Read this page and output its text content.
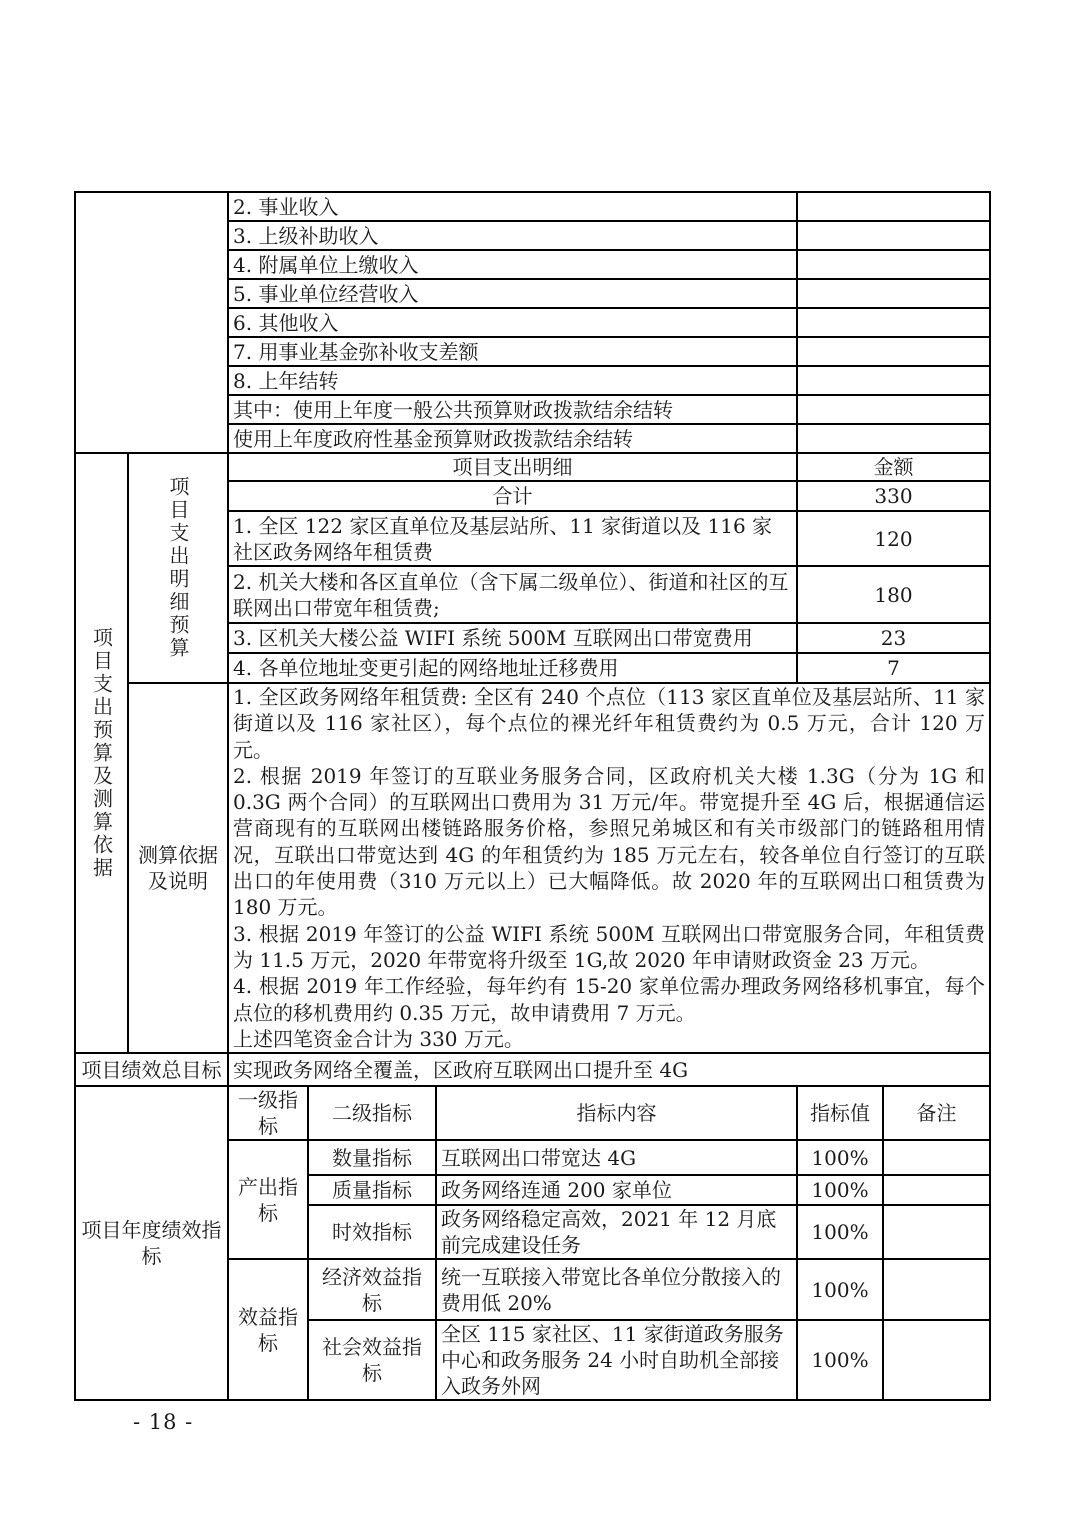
		2. 事业收入				
		3. 上级补助收入				
		4. 附属单位上缴收入				
		5. 事业单位经营收入				
		6. 其他收入				
		7. 用事业基金弥补收支差额				
		8. 上年结转				
		其中：使用上年度一般公共预算财政拨款结余结转				
		使用上年度政府性基金预算财政拨款结余结转				
项目支出预算及测算依据	项目支出明细预算	项目支出明细			金额	
		合计			330	
		1. 全区 122 家区直单位及基层站所、11 家街道以及 116 家社区政务网络年租赁费			120	
		2. 机关大楼和各区直单位（含下属二级单位）、街道和社区的互联网出口带宽年租赁费;			180	
		3. 区机关大楼公益 WIFI 系统 500M 互联网出口带宽费用			23	
		4. 各单位地址变更引起的网络地址迁移费用			7	
	测算依据及说明	1. 全区政务网络年租赁费: 全区有 240 个点位（113 家区直单位及基层站所、11 家街道以及 116 家社区），每个点位的裸光纤年租赁费约为 0.5 万元，合计 120 万元。

2. 根据 2019 年签订的互联业务服务合同，区政府机关大楼 1.3G（分为 1G 和 0.3G 两个合同）的互联网出口费用为 31 万元/年。带宽提升至 4G 后，根据通信运营商现有的互联网出楼链路服务价格，参照兄弟城区和有关市级部门的链路租用情况，互联出口带宽达到 4G 的年租赁约为 185 万元左右，较各单位自行签订的互联出口的年使用费（310 万元以上）已大幅降低。故 2020 年的互联网出口租赁费为 180 万元。

3. 根据 2019 年签订的公益 WIFI 系统 500M 互联网出口带宽服务合同，年租赁费为 11.5 万元，2020 年带宽将升级至 1G,故 2020 年申请财政资金 23 万元。

4. 根据 2019 年工作经验，每年约有 15-20 家单位需办理政务网络移机事宜，每个点位的移机费用约 0.35 万元，故申请费用 7 万元。

上述四笔资金合计为 330 万元。				

项目绩效总目标		实现政务网络全覆盖，区政府互联网出口提升至 4G				
项目年度绩效指标		一级指标	二级指标	指标内容	指标值	备注
		产出指标	数量指标	互联网出口带宽达 4G	100%	
			质量指标	政务网络连通 200 家单位	100%	
			时效指标	政务网络稳定高效，2021 年 12 月底前完成建设任务	100%	
		效益指标	经济效益指标	统一互联接入带宽比各单位分散接入的费用低 20%	100%	
			社会效益指标	全区 115 家社区、11 家街道政务服务中心和政务服务 24 小时自助机全部接入政务外网	100%	
- 18 -
